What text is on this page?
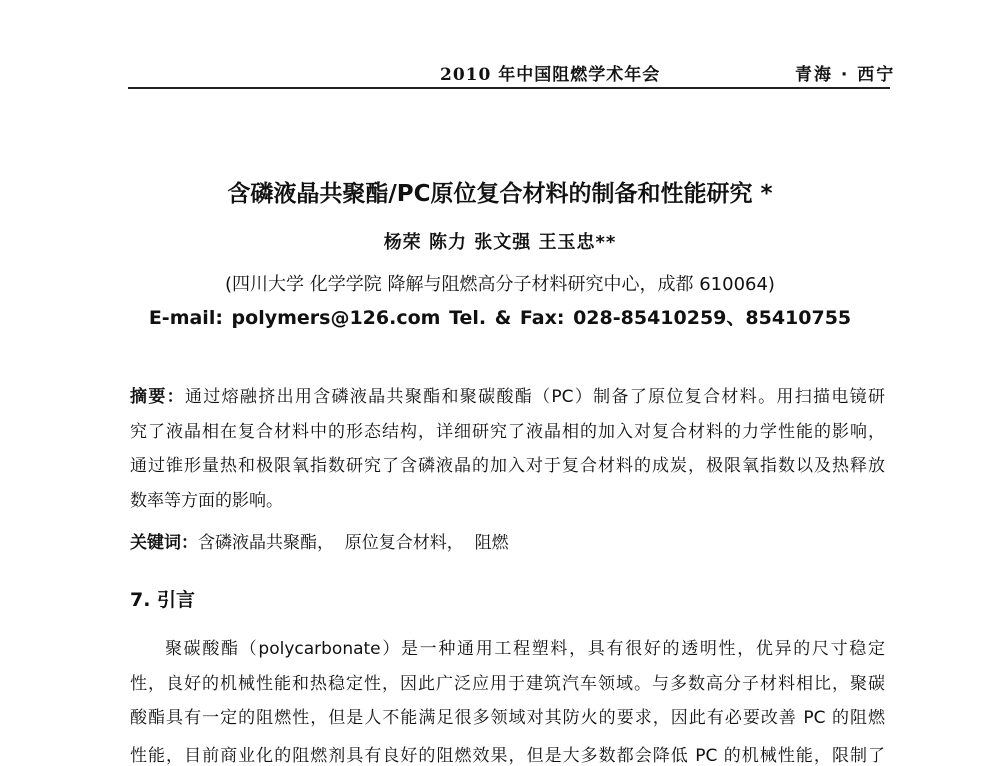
2010 年中国阻燃学术年会	青海 · 西宁
含磷液晶共聚酯/PC原位复合材料的制备和性能研究 *
杨荣 陈力 张文强 王玉忠**
(四川大学 化学学院 降解与阻燃高分子材料研究中心，成都 610064)
E-mail: polymers@126.com Tel. & Fax: 028-85410259、85410755
摘要：通过熔融挤出用含磷液晶共聚酯和聚碳酸酯（PC）制备了原位复合材料。用扫描电镜研
究了液晶相在复合材料中的形态结构，详细研究了液晶相的加入对复合材料的力学性能的影响，
通过锥形量热和极限氧指数研究了含磷液晶的加入对于复合材料的成炭，极限氧指数以及热释放
数率等方面的影响。
关键词：含磷液晶共聚酯，  原位复合材料，  阻燃
7. 引言
聚碳酸酯（polycarbonate）是一种通用工程塑料，具有很好的透明性，优异的尺寸稳定
性，良好的机械性能和热稳定性，因此广泛应用于建筑汽车领域。与多数高分子材料相比，聚碳
酸酯具有一定的阻燃性，但是人不能满足很多领域对其防火的要求，因此有必要改善 PC 的阻燃
性能，目前商业化的阻燃剂具有良好的阻燃效果，但是大多数都会降低 PC 的机械性能，限制了
